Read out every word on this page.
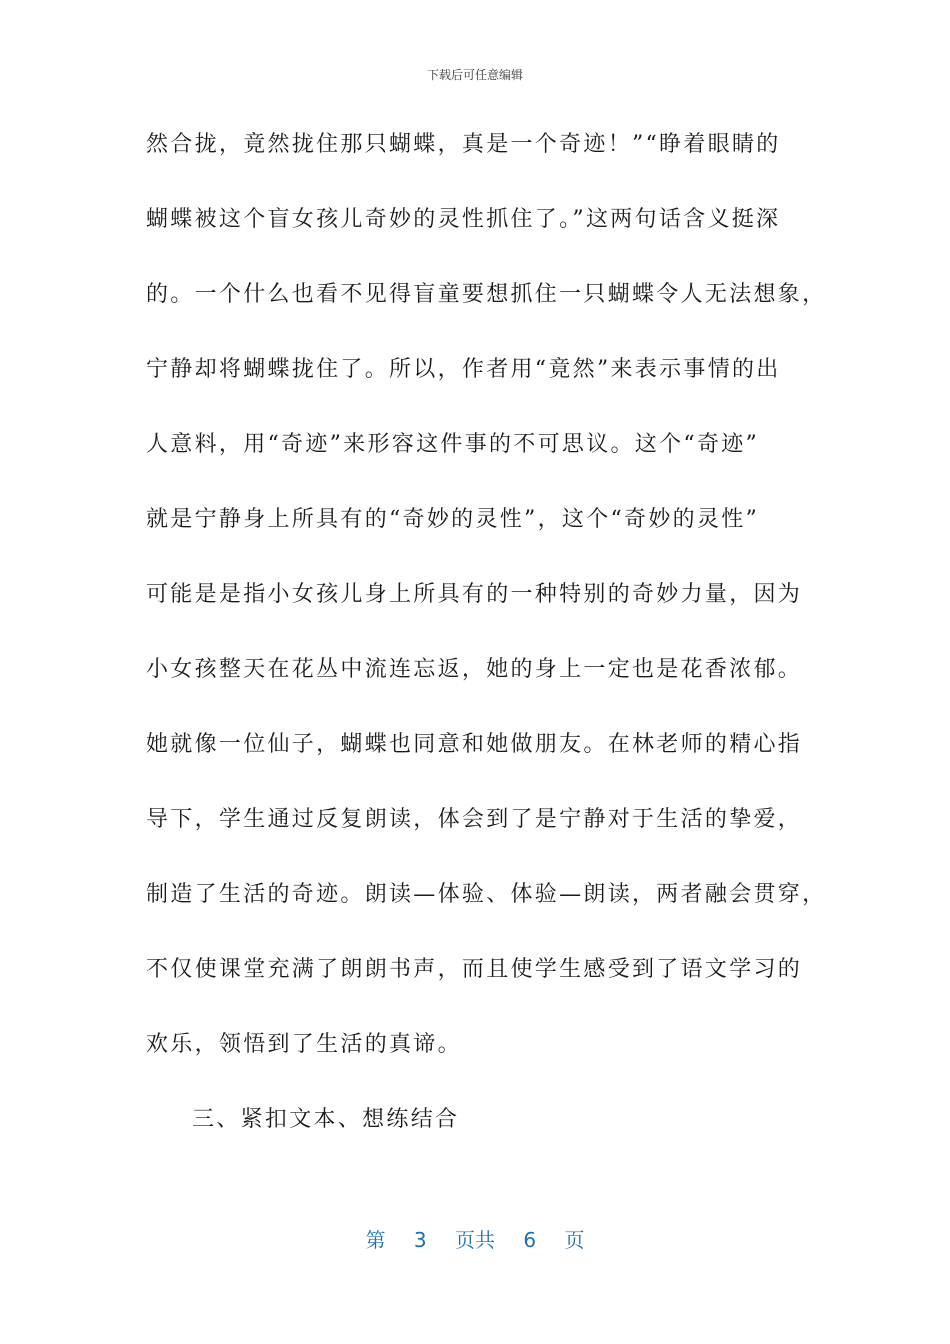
下载后可任意编辑
然合拢，竟然拢住那只蝴蝶，真是一个奇迹！”“睁着眼睛的
蝴蝶被这个盲女孩儿奇妙的灵性抓住了。”这两句话含义挺深
的。一个什么也看不见得盲童要想抓住一只蝴蝶令人无法想象，
宁静却将蝴蝶拢住了。所以，作者用“竟然”来表示事情的出
人意料，用“奇迹”来形容这件事的不可思议。这个“奇迹”
就是宁静身上所具有的“奇妙的灵性”，这个“奇妙的灵性”
可能是是指小女孩儿身上所具有的一种特别的奇妙力量，因为
小女孩整天在花丛中流连忘返，她的身上一定也是花香浓郁。
她就像一位仙子，蝴蝶也同意和她做朋友。在林老师的精心指
导下，学生通过反复朗读，体会到了是宁静对于生活的挚爱，
制造了生活的奇迹。朗读—体验、体验—朗读，两者融会贯穿，
不仅使课堂充满了朗朗书声，而且使学生感受到了语文学习的
欢乐，领悟到了生活的真谛。
三、紧扣文本、想练结合
第 3 页共 6 页
